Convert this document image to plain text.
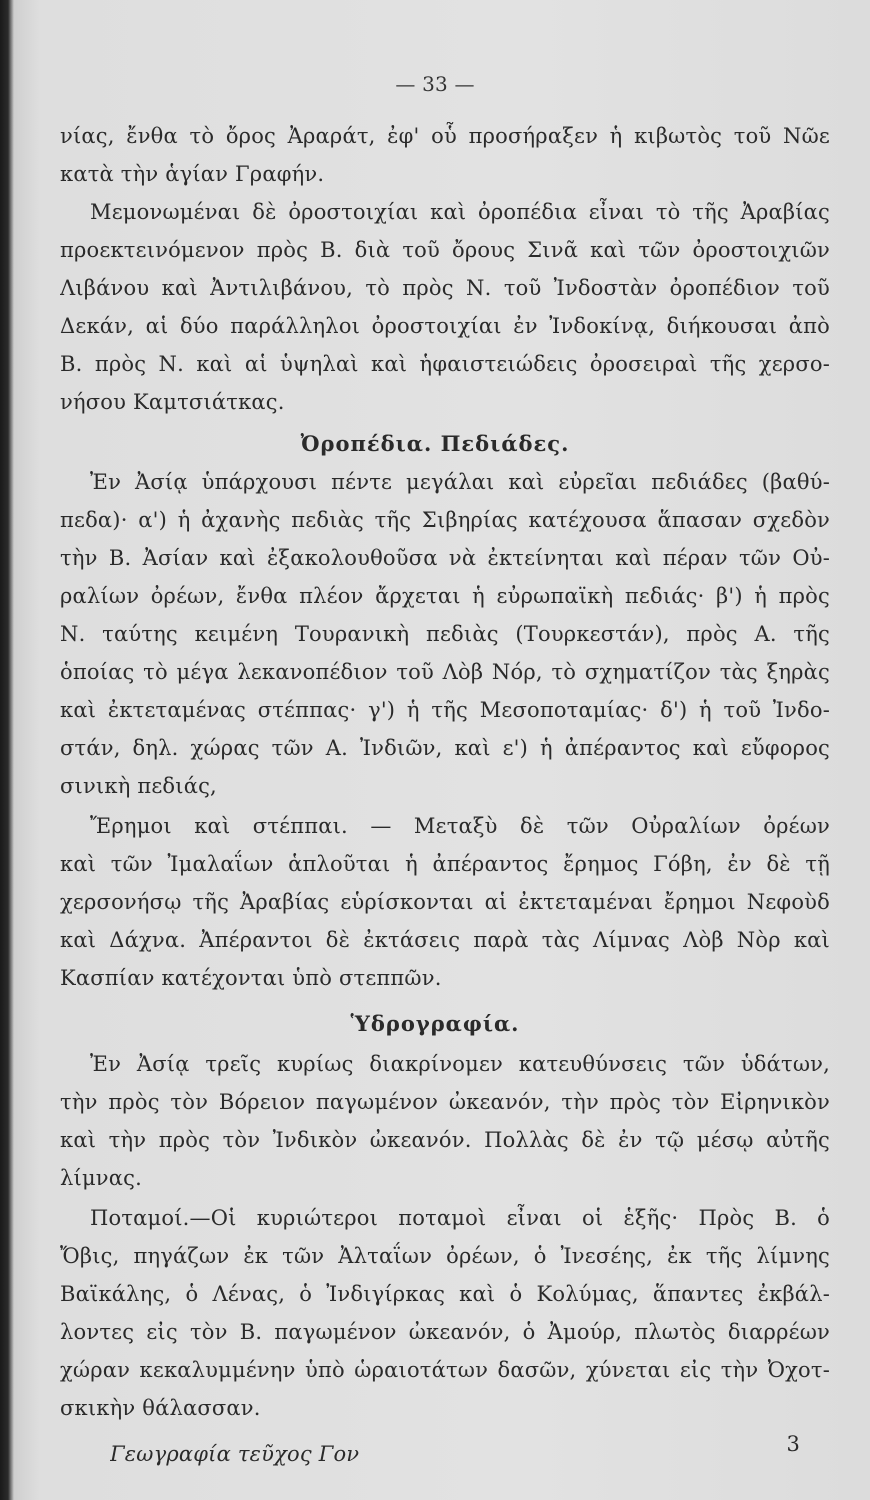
— 33 —
νίας, ἔνθα τὸ ὄρος Ἀραράτ, ἐφ' οὗ προσήραξεν ἡ κιβωτὸς τοῦ Νῶε
κατὰ τὴν ἁγίαν Γραφήν.
Μεμονωμέναι δὲ ὀροστοιχίαι καὶ ὀροπέδια εἶναι τὸ τῆς Ἀραβίας
προεκτεινόμενον πρὸς Β. διὰ τοῦ ὄρους Σινᾶ καὶ τῶν ὀροστοιχιῶν
Λιβάνου καὶ Ἀντιλιβάνου, τὸ πρὸς Ν. τοῦ Ἰνδοστὰν ὀροπέδιον τοῦ
Δεκάν, αἱ δύο παράλληλοι ὀροστοιχίαι ἐν Ἰνδοκίνᾳ, διήκουσαι ἀπὸ
Β. πρὸς Ν. καὶ αἱ ὑψηλαὶ καὶ ἡφαιστειώδεις ὀροσειραὶ τῆς χερσο-
νήσου Καμτσιάτκας.
Ὀροπέδια. Πεδιάδες.
Ἐν Ἀσίᾳ ὑπάρχουσι πέντε μεγάλαι καὶ εὐρεῖαι πεδιάδες (βαθύ-
πεδα)· α') ἡ ἀχανὴς πεδιὰς τῆς Σιβηρίας κατέχουσα ἅπασαν σχεδὸν
τὴν Β. Ἀσίαν καὶ ἐξακολουθοῦσα νὰ ἐκτείνηται καὶ πέραν τῶν Οὐ-
ραλίων ὀρέων, ἔνθα πλέον ἄρχεται ἡ εὐρωπαϊκὴ πεδιάς· β') ἡ πρὸς
Ν. ταύτης κειμένη Τουρανικὴ πεδιὰς (Τουρκεστάν), πρὸς Α. τῆς
ὁποίας τὸ μέγα λεκανοπέδιον τοῦ Λὸβ Νόρ, τὸ σχηματίζον τὰς ξηρὰς
καὶ ἐκτεταμένας στέππας· γ') ἡ τῆς Μεσοποταμίας· δ') ἡ τοῦ Ἰνδο-
στάν, δηλ. χώρας τῶν Α. Ἰνδιῶν, καὶ ε') ἡ ἀπέραντος καὶ εὔφορος
σινικὴ πεδιάς,
Ἔρημοι καὶ στέππαι. — Μεταξὺ δὲ τῶν Οὐραλίων ὀρέων
καὶ τῶν Ἰμαλαΐων ἁπλοῦται ἡ ἀπέραντος ἔρημος Γόβη, ἐν δὲ τῇ
χερσονήσῳ τῆς Ἀραβίας εὑρίσκονται αἱ ἐκτεταμέναι ἔρημοι Νεφοὺδ
καὶ Δάχνα. Ἀπέραντοι δὲ ἐκτάσεις παρὰ τὰς Λίμνας Λὸβ Νὸρ καὶ
Κασπίαν κατέχονται ὑπὸ στεππῶν.
Ὑδρογραφία.
Ἐν Ἀσίᾳ τρεῖς κυρίως διακρίνομεν κατευθύνσεις τῶν ὑδάτων,
τὴν πρὸς τὸν Βόρειον παγωμένον ὠκεανόν, τὴν πρὸς τὸν Εἰρηνικὸν
καὶ τὴν πρὸς τὸν Ἰνδικὸν ὠκεανόν. Πολλὰς δὲ ἐν τῷ μέσῳ αὐτῆς
λίμνας.
Ποταμοί.—Οἱ κυριώτεροι ποταμοὶ εἶναι οἱ ἑξῆς· Πρὸς Β. ὁ
Ὄβις, πηγάζων ἐκ τῶν Ἀλταΐων ὀρέων, ὁ Ἰνεσέης, ἐκ τῆς λίμνης
Βαϊκάλης, ὁ Λένας, ὁ Ἰνδιγίρκας καὶ ὁ Κολύμας, ἅπαντες ἐκβάλ-
λοντες εἰς τὸν Β. παγωμένον ὠκεανόν, ὁ Ἀμούρ, πλωτὸς διαρρέων
χώραν κεκαλυμμένην ὑπὸ ὡραιοτάτων δασῶν, χύνεται εἰς τὴν Ὀχοτ-
σκικὴν θάλασσαν.
3
Γεωγραφία τεῦχος Γον
